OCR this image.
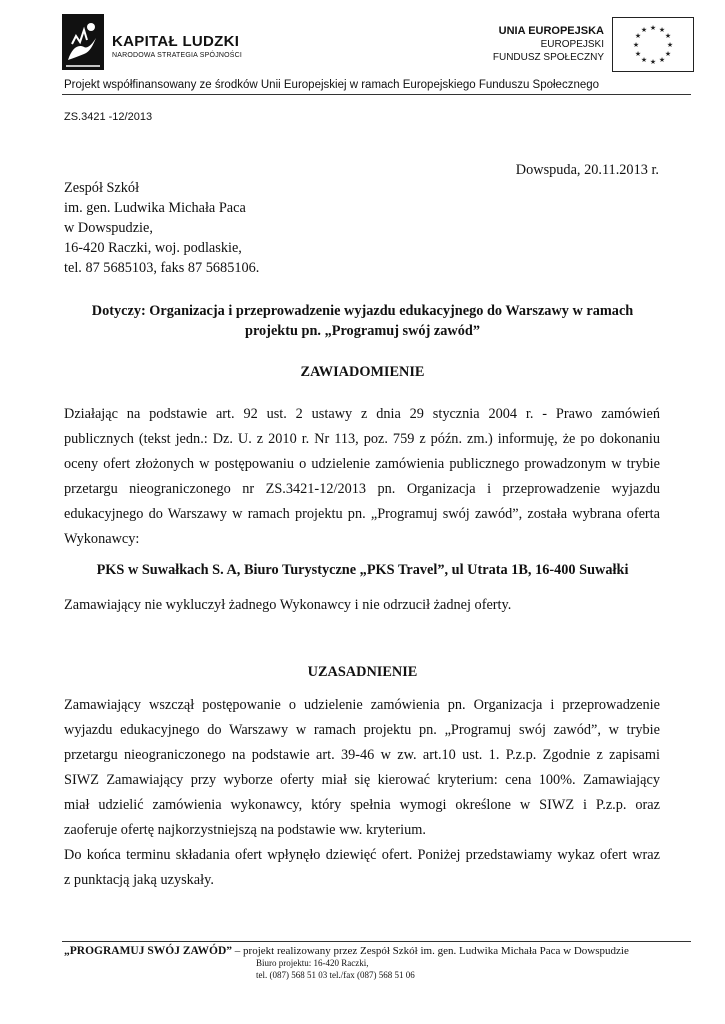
KAPITAŁ LUDZKI
NARODOWA STRATEGIA SPÓJNOŚCI
UNIA EUROPEJSKA
EUROPEJSKI
FUNDUSZ SPOŁECZNY
★ ★
★
★
★
★
★
★
★
★
★
★
Projekt współfinansowany ze środków Unii Europejskiej w ramach Europejskiego Funduszu Społecznego
ZS.3421 -12/2013
Dowspuda, 20.11.2013 r.
Zespół Szkół
im. gen. Ludwika Michała Paca
w Dowspudzie,
16-420 Raczki, woj. podlaskie,
tel. 87 5685103, faks 87 5685106.
Dotyczy: Organizacja i przeprowadzenie wyjazdu edukacyjnego do Warszawy w ramach
projektu pn. „Programuj swój zawód”
ZAWIADOMIENIE
Działając na podstawie art. 92 ust. 2 ustawy z dnia 29 stycznia 2004 r. - Prawo zamówień
publicznych (tekst jedn.: Dz. U. z 2010 r. Nr 113, poz. 759 z późn. zm.) informuję, że po dokonaniu
oceny ofert złożonych w postępowaniu o udzielenie zamówienia publicznego prowadzonym w trybie
przetargu nieograniczonego nr ZS.3421-12/2013 pn. Organizacja i przeprowadzenie wyjazdu
edukacyjnego do Warszawy w ramach projektu pn. „Programuj swój zawód”, została wybrana oferta
Wykonawcy:
PKS w Suwałkach S. A, Biuro Turystyczne „PKS Travel”, ul Utrata 1B, 16-400 Suwałki
Zamawiający nie wykluczył żadnego Wykonawcy i nie odrzucił żadnej oferty.
UZASADNIENIE
Zamawiający wszczął postępowanie o udzielenie zamówienia pn. Organizacja i przeprowadzenie
wyjazdu edukacyjnego do Warszawy w ramach projektu pn. „Programuj swój zawód”, w trybie
przetargu nieograniczonego na podstawie art. 39-46 w zw. art.10 ust. 1. P.z.p. Zgodnie z zapisami
SIWZ Zamawiający przy wyborze oferty miał się kierować kryterium: cena 100%. Zamawiający
miał udzielić zamówienia wykonawcy, który spełnia wymogi określone w SIWZ i P.z.p. oraz
zaoferuje ofertę najkorzystniejszą na podstawie ww. kryterium.
Do końca terminu składania ofert wpłynęło dziewięć ofert. Poniżej przedstawiamy wykaz ofert wraz
z punktacją jaką uzyskały.
„PROGRAMUJ SWÓJ ZAWÓD” – projekt realizowany przez Zespół Szkół im. gen. Ludwika Michała Paca w Dowspudzie
Biuro projektu: 16-420 Raczki,
tel. (087) 568 51 03 tel./fax (087) 568 51 06
